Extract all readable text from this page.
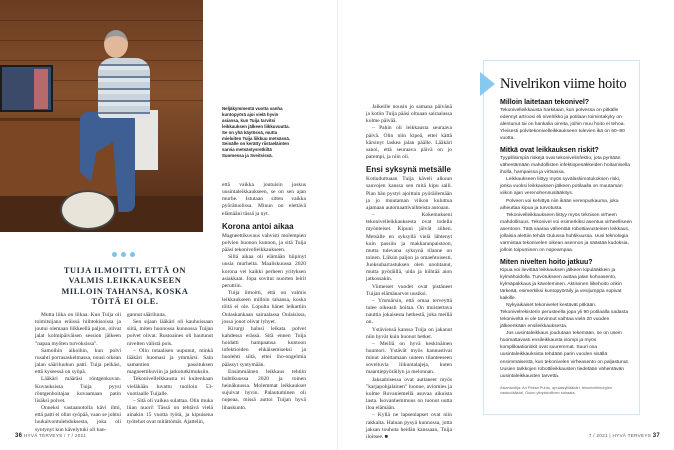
Neljäkymmentä vuotta vanha kuntopyörä ajoi vielä hyvin asiansa, kun Tuija tarvitsi leikkauksen jälkeen liikkuvuutta. Se on yhä käytössä, mutta mieluiten Tuija liikkuu metsässä. Seinälle on kerätty riistaeläinten sarvia metsästysretkiltä Suomessa ja Sveitsissä.
TUIJA ILMOITTI, ETTÄ ON VALMIS LEIKKAUKSEEN MILLOIN TAHANSA, KOSKA TÖITÄ EI OLE.

Mutta liika on liikaa. Kun Tuija oli toimitsijana eräissä hiihtokisoissa ja joutui olemaan liikkeellä paljon, olivat jalat kolmipäiväisen session jälkeen "napaa myöten turvoksissa".

Samoihin aikoihin, kun polvi rusahti porrasaskelmassa, nousi oikean jalan sääriluuhun patti. Tuija pelkäsi, että kyseessä on syöpä.

Lääkäri määräsi röntgenkuvan. Kuvauksissa Tuija pyysi röntgenhoitajaa kuvaamaan patin lisäksi polvet.

Onneksi vastaanotolla kävi ilmi, että patti ei ollut syöpää, vaan se johtui luukalvontulehduksesta, joka oli syntynyt kun kävelytuki oli han-

gannut sääriluuta.

Sen sijaan lääkäri oli kauhuissaan siitä, miten huonossa kunnossa Tuijan polvet olivat. Rustoaines oli hautunut nivelten välistä pois.

– Olin totaalisen uupunut, minkä lääkäri huomasi ja ymmärsi. Sain samantien passituksen magneettikuviin ja jatkotutkimuksiin.

Tekonivelleikkausta ei kuitenkaan vieläkään luvattu tuolloin 53-vuotiaalle Tuijalle.

– Sitä oli vaikea sulattaa. Olin muka liian nuori! Tässä on tehtävä vielä ainakin 15 vuotta työtä, ja kipuisena työtehot ovat mitättömät. Ajattelin,

että vaikka joutuisin joskus uusintaleikkaukseen, se on sen ajan murhe. Istutaan sitten vaikka pyörätuolissa. Minun on elettävä elämääni tässä ja nyt.

Korona antoi aikaa

Magneettikuvaus vahvisti molempien polvien huonon kunnon, ja sitä Tuija pääsi tekonivelleikkaukseen.

Sillä aikaa oli elämään hiipinyt uusia murheita. Maaliskuussa 2020 korona vei kaikki perheen yrityksen asiakkaat. Jopa sovitut nuorten leirit peruttiin.

Tuija ilmoitti, että on valmis leikkaukseen milloin tahansa, koska töitä ei ole. Lopulta hänet leikattiin Oulaskankaan sairaalassa Oulaisissa, jossa jonot olivat lyhyet.

Kirurgi halusi leikata polvet kahdessa erässä. Sitä ennen Tuija hoidatti hampaansa kuntoon infektioiden ehkäisemiseksi ja huolehti siitä, ettei iho-ongelmia päässyt syntymään.

Ensimmäinen leikkaus tehtiin huhtikuussa 2020 ja toinen heinäkuussa. Molemmat leikkaukset sujuivat hyvin. Palautuminen oli nopeaa, missä auttoi Tuijan hyvä lihaskunto.

36 HYVÄ TERVEYS / 7 / 2021

Jalkeille nousin jo samana päivänä ja kotiin Tuija pääsi oltuaan sairaalassa kolme päivää.

– Pahin oli leikkausta seuraava päivä. Olin niin kipeä, ettei kättä kärsinyt laskea jalan päälle. Lääkäri sanoi, että seuraava päivä on jo parempi, ja niin oli.

Ensi syksynä metsälle

Kotiuduttuaan Tuija käveli alkuun sauvojen kanssa sen mitä kipu salli. Pian hän pystyi ajoittain pyöräilemään ja jo muutaman viikon kuluttua ajamaan automaattivaihteista autoaan.

– Kokemukseni tekonivelleikkauksesta ovat todella myönteiset. Kipuni jäivät siihen. Metsälle en syksyllä vielä lähtenyt kuin passiin ja makkaranpaistoon, mutta tulevana syksynä tilanne on toinen. Liikun paljon ja omaehtoisesti. Juoksuharrastuksen olen unohtanut, mutta pyöräillä, uida ja hiihtää aion jatkossakin.

Viimeiset vuodet ovat pistäneet Tuijan elämänarvot uusiksi.

– Ymmärsin, että omaa terveyttä tulee oikeasti hoitaa. On muistettava nauttia jokaisesta hetkestä, joka meillä on.

Ystäviensä kanssa Tuija on jakanut niin hyvät kuin huonot hetket.

– Meillä on hyvä keskinäinen huumori. Ystävät myös kannustivat minut aloittamaan uuteen tilanteeseen soveltuvia liikuntalajeja, kuten maantiepyöräilyn ja melonnan.

Jaksamisessa ovat auttaneet myös "karjapohjalainen" luonne, aviomies ja kolme Rovaniemellä asuvaa aikuista lasta. Isovanhemmuus on tuonut uutta iloa elämään.

– Kyllä ne lapsenlapset ovat niin rakkaita. Haluan pysyä kunnossa, jotta jaksan touhuta heidän kanssaan, Tuija iloitsee. ■

Nivelrikon viime hoito
Milloin laitetaan tekonivel?

Tekonivelleikkausta harkitaan, kun polvessa on pitkälle edennyt artroosi eli nivelrikko ja potilaan toimintakyky on alentunut tai on hankalia oireita, joihin muu hoito ei tehoa. Yleisesti polvitekonivelleikkaukseen tulevien ikä on 60–80 vuotta.

Mitkä ovat leikkauksen riskit?

Tyypillisimpiä riskejä ovat tekonivelinfektio, jota pyritään vähentämään mahdollisten infektiopesäkkeiden hoitamisella iholla, hampaissa ja virtsassa.

Leikkaukseen liittyy myös syvälaskimotukoksen riski, jonka vuoksi leikkauksen jälkeen potilaalla on muutaman viikon ajan verenohennuslääkitys.

Polveen voi kehittyä niin ikään verenpurkauma, joka aiheuttaa kipua ja turvotusta.

Tekonivelleikkaukseen liittyy myös teknisen virheen mahdollisuus. Tekonivel voi esimerkiksi asentua virheelliseen asentoon. Tätä vaaraa vähentää robottiavusteinen leikkaus, jollaisia alettiin tehdä Oulussa huhtikuussa. Uusi teknologia varmistaa tekonivelen oikean asennon ja säästää kudoksia, jolloin toipuminen on nopeampaa.

Miten nivelten hoito jatkuu?

Kipua voi lievittää leikkauksen jälkeen kipulääkkein ja kylmähoidolla. Turvotukseen auttaa jalan kohoasento, kylmäpakkaus ja käveleminen. Aktiivinen liikehoito onkin tärkeää, esimerkiksi kuntopyöräily ja vesijumppa sopivat kaikille.

Nykyaikaiset tekonivelet kestävät pitkään. Tekonivelrekisterin perusteella jopa yli 90 potilaalla sadasta tekoniveltä ei ole tarvinnut vaihtaa vielä 20 vuoden jälkeenkään ensileikkauksesta.

Jos uusintaleikkaus joudutaan tekemään, se on usein huomattavasti ensileikkausta isompi ja myös komplikaatioriskit ovat suuremmat. Suuri osa uusintaleikkauksista tehdään parin vuoden sisällä ensimmäisestä, kun tekonivelen virheasento on paljastunut. Uusien tarkkojen robottileikkausten tiedetään vähentävän uusintaleikkausten tarvetta.

Asiantuntija: Ari Pekka Puhto, apulaisylilääkäri, tekonivelkirurgien vastuulääkäri, Oulun yliopistollinen sairaala.

7 / 2021 | HYVÄ TERVEYS 37
